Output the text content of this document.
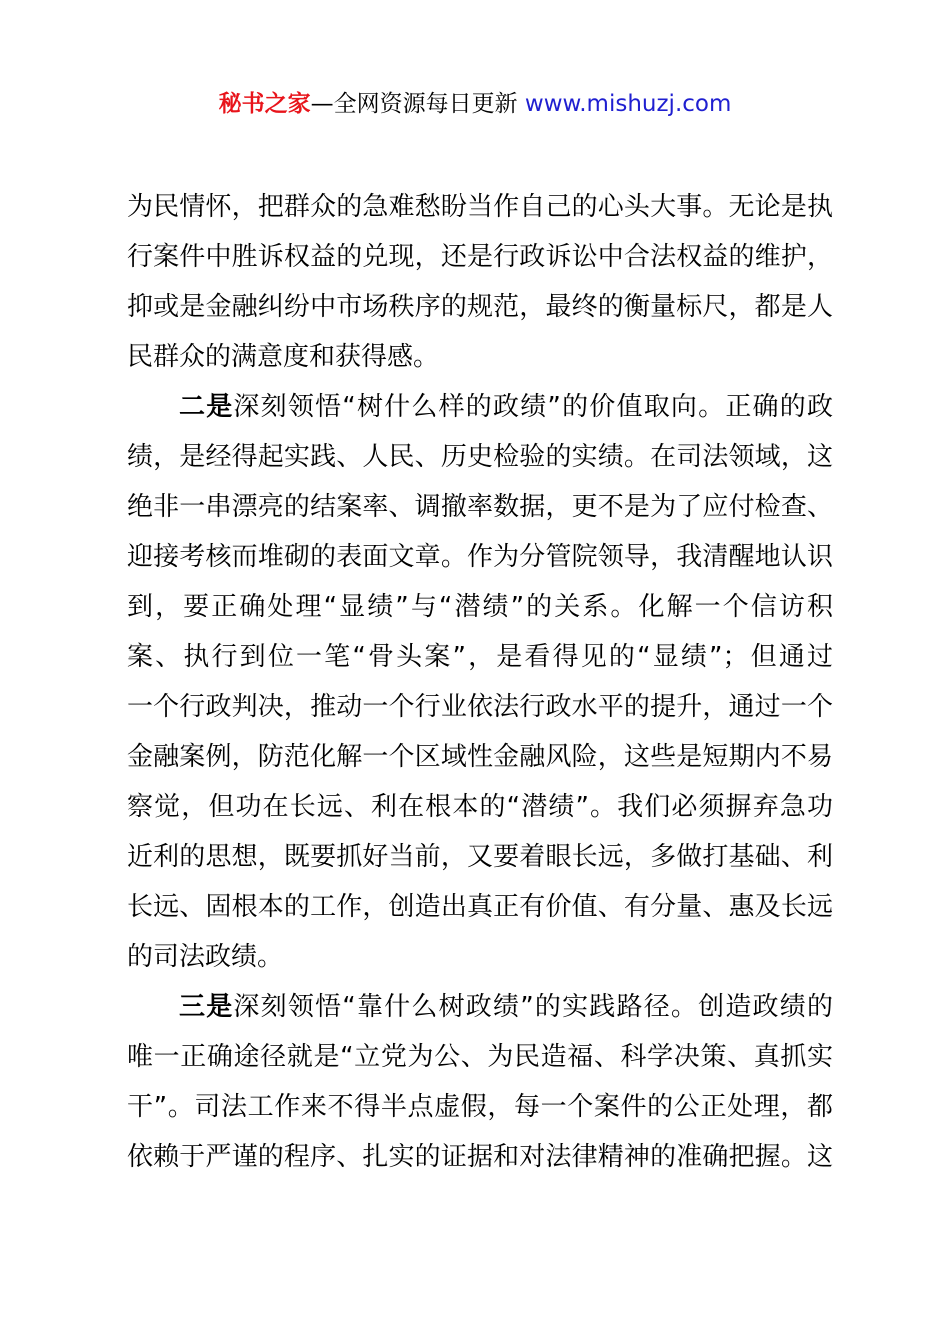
秘书之家—全网资源每日更新 www.mishuzj.com
为民情怀，把群众的急难愁盼当作自己的心头大事。无论是执
行案件中胜诉权益的兑现，还是行政诉讼中合法权益的维护，
抑或是金融纠纷中市场秩序的规范，最终的衡量标尺，都是人
民群众的满意度和获得感。
二是深刻领悟“树什么样的政绩”的价值取向。正确的政
绩，是经得起实践、人民、历史检验的实绩。在司法领域，这
绝非一串漂亮的结案率、调撤率数据，更不是为了应付检查、
迎接考核而堆砌的表面文章。作为分管院领导，我清醒地认识
到，要正确处理“显绩”与“潜绩”的关系。化解一个信访积
案、执行到位一笔“骨头案”，是看得见的“显绩”；但通过
一个行政判决，推动一个行业依法行政水平的提升，通过一个
金融案例，防范化解一个区域性金融风险，这些是短期内不易
察觉，但功在长远、利在根本的“潜绩”。我们必须摒弃急功
近利的思想，既要抓好当前，又要着眼长远，多做打基础、利
长远、固根本的工作，创造出真正有价值、有分量、惠及长远
的司法政绩。
三是深刻领悟“靠什么树政绩”的实践路径。创造政绩的
唯一正确途径就是“立党为公、为民造福、科学决策、真抓实
干”。司法工作来不得半点虚假，每一个案件的公正处理，都
依赖于严谨的程序、扎实的证据和对法律精神的准确把握。这
